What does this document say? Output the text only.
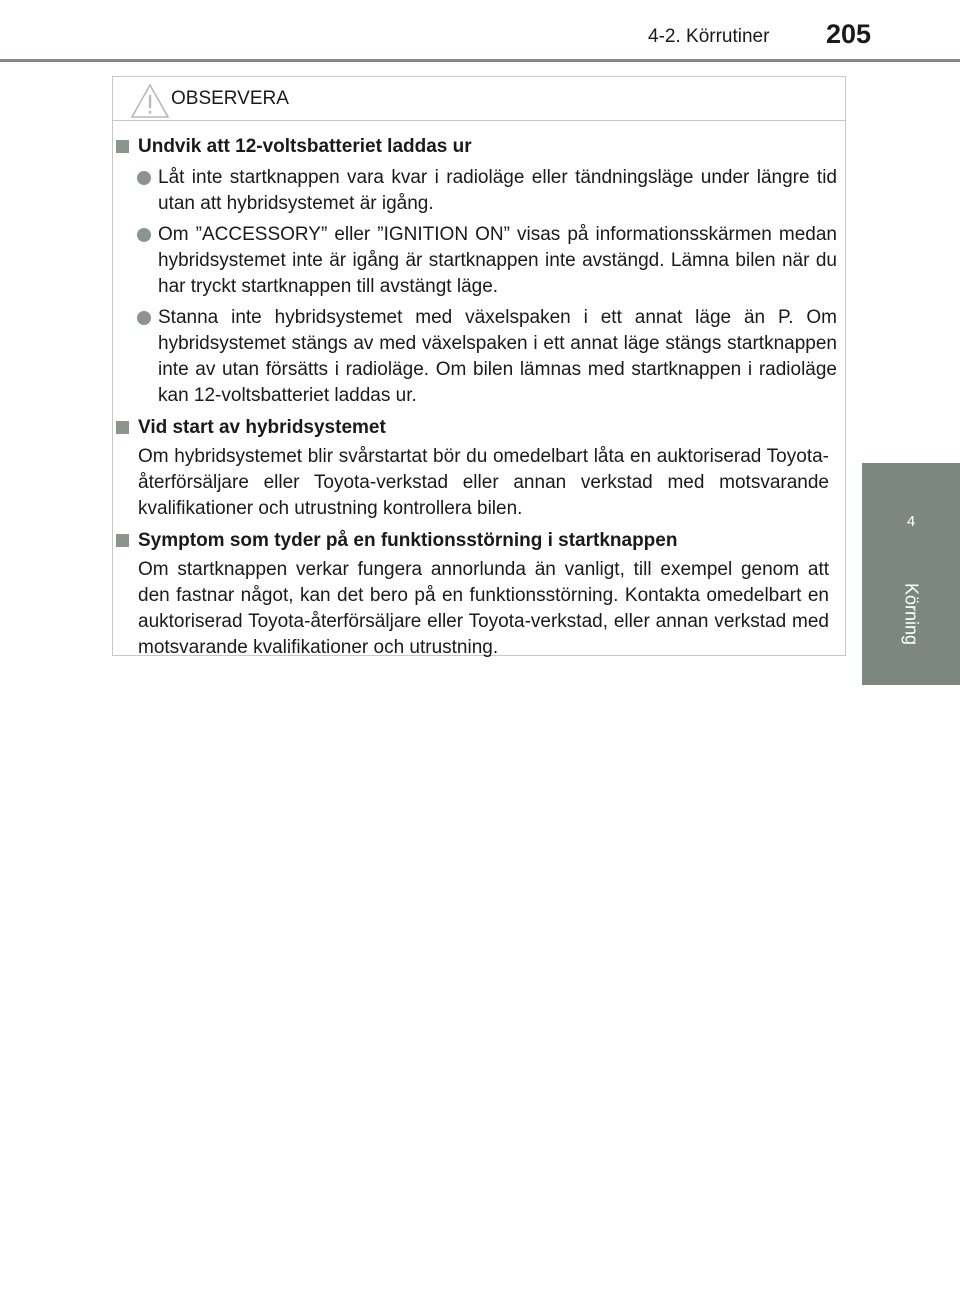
4-2. Körrutiner 205
4
Körning
OBSERVERA
Undvik att 12-voltsbatteriet laddas ur
Låt inte startknappen vara kvar i radioläge eller tändningsläge under längre tid utan att hybridsystemet är igång.
Om ”ACCESSORY” eller ”IGNITION ON” visas på informationsskärmen medan hybridsystemet inte är igång är startknappen inte avstängd. Lämna bilen när du har tryckt startknappen till avstängt läge.
Stanna inte hybridsystemet med växelspaken i ett annat läge än P. Om hybridsystemet stängs av med växelspaken i ett annat läge stängs startknappen inte av utan försätts i radioläge. Om bilen lämnas med startknappen i radioläge kan 12-voltsbatteriet laddas ur.
Vid start av hybridsystemet
Om hybridsystemet blir svårstartat bör du omedelbart låta en auktoriserad Toyota-återförsäljare eller Toyota-verkstad eller annan verkstad med motsvarande kvalifikationer och utrustning kontrollera bilen.
Symptom som tyder på en funktionsstörning i startknappen
Om startknappen verkar fungera annorlunda än vanligt, till exempel genom att den fastnar något, kan det bero på en funktionsstörning. Kontakta omedelbart en auktoriserad Toyota-återförsäljare eller Toyota-verkstad, eller annan verkstad med motsvarande kvalifikationer och utrustning.
